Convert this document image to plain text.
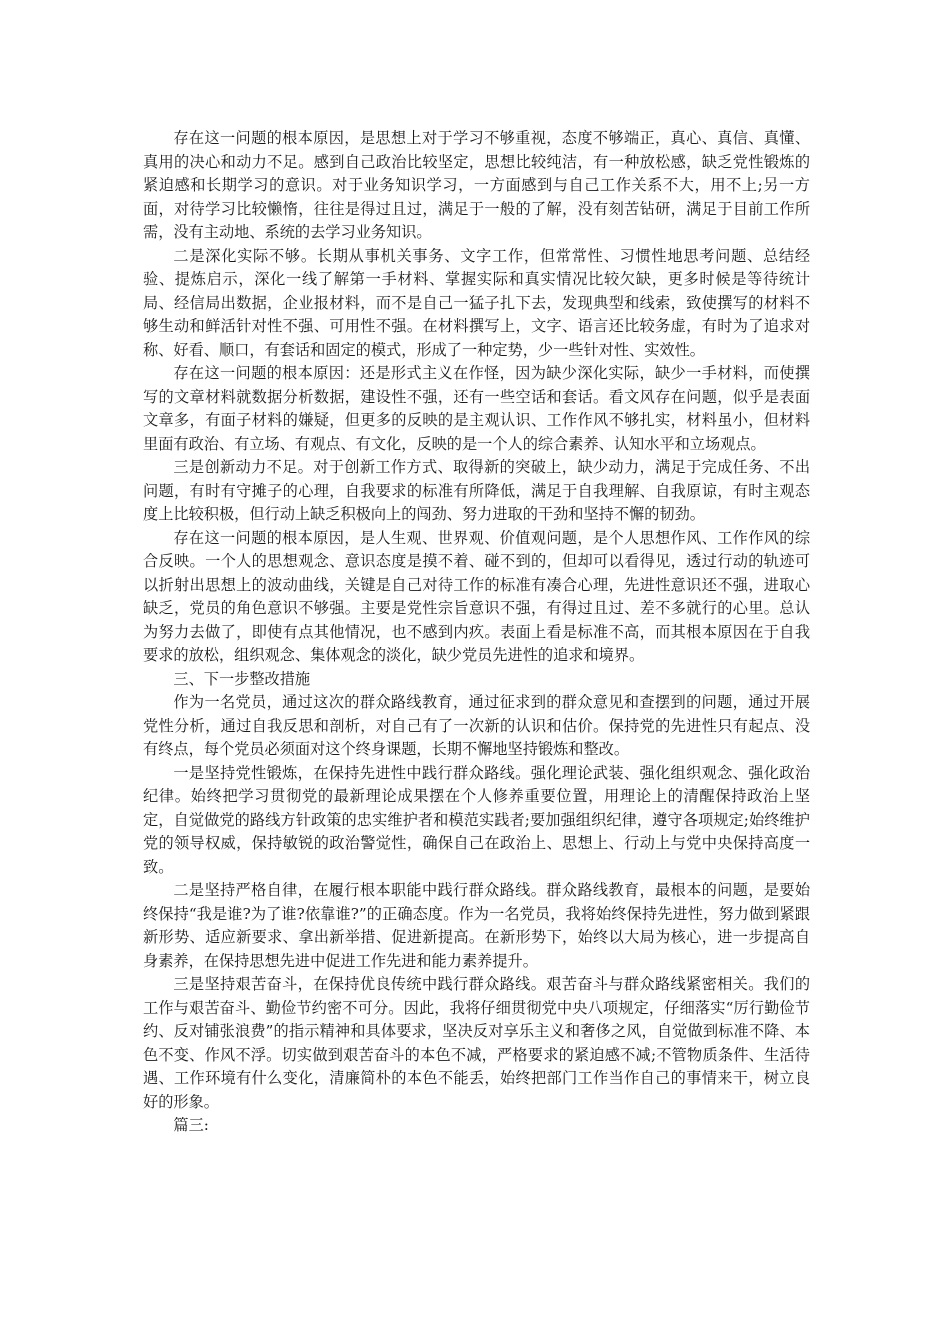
存在这一问题的根本原因，是思想上对于学习不够重视，态度不够端正，真心、真信、真懂、真用的决心和动力不足。感到自己政治比较坚定，思想比较纯洁，有一种放松感，缺乏党性锻炼的紧迫感和长期学习的意识。对于业务知识学习，一方面感到与自己工作关系不大，用不上;另一方面，对待学习比较懒惰，往往是得过且过，满足于一般的了解，没有刻苦钻研，满足于目前工作所需，没有主动地、系统的去学习业务知识。

二是深化实际不够。长期从事机关事务、文字工作，但常常性、习惯性地思考问题、总结经验、提炼启示，深化一线了解第一手材料、掌握实际和真实情况比较欠缺，更多时候是等待统计局、经信局出数据，企业报材料，而不是自己一猛子扎下去，发现典型和线索，致使撰写的材料不够生动和鲜活针对性不强、可用性不强。在材料撰写上，文字、语言还比较务虚，有时为了追求对称、好看、顺口，有套话和固定的模式，形成了一种定势，少一些针对性、实效性。

存在这一问题的根本原因：还是形式主义在作怪，因为缺少深化实际，缺少一手材料，而使撰写的文章材料就数据分析数据，建设性不强，还有一些空话和套话。看文风存在问题，似乎是表面文章多，有面子材料的嫌疑，但更多的反映的是主观认识、工作作风不够扎实，材料虽小，但材料里面有政治、有立场、有观点、有文化，反映的是一个人的综合素养、认知水平和立场观点。

三是创新动力不足。对于创新工作方式、取得新的突破上，缺少动力，满足于完成任务、不出问题，有时有守摊子的心理，自我要求的标准有所降低，满足于自我理解、自我原谅，有时主观态度上比较积极，但行动上缺乏积极向上的闯劲、努力进取的干劲和坚持不懈的韧劲。

存在这一问题的根本原因，是人生观、世界观、价值观问题，是个人思想作风、工作作风的综合反映。一个人的思想观念、意识态度是摸不着、碰不到的，但却可以看得见，透过行动的轨迹可以折射出思想上的波动曲线，关键是自己对待工作的标准有凑合心理，先进性意识还不强，进取心缺乏，党员的角色意识不够强。主要是党性宗旨意识不强，有得过且过、差不多就行的心里。总认为努力去做了，即使有点其他情况，也不感到内疚。表面上看是标准不高，而其根本原因在于自我要求的放松，组织观念、集体观念的淡化，缺少党员先进性的追求和境界。

三、下一步整改措施

作为一名党员，通过这次的群众路线教育，通过征求到的群众意见和查摆到的问题，通过开展党性分析，通过自我反思和剖析，对自己有了一次新的认识和估价。保持党的先进性只有起点、没有终点，每个党员必须面对这个终身课题，长期不懈地坚持锻炼和整改。

一是坚持党性锻炼，在保持先进性中践行群众路线。强化理论武装、强化组织观念、强化政治纪律。始终把学习贯彻党的最新理论成果摆在个人修养重要位置，用理论上的清醒保持政治上坚定，自觉做党的路线方针政策的忠实维护者和模范实践者;要加强组织纪律，遵守各项规定;始终维护党的领导权威，保持敏锐的政治警觉性，确保自己在政治上、思想上、行动上与党中央保持高度一致。

二是坚持严格自律，在履行根本职能中践行群众路线。群众路线教育，最根本的问题，是要始终保持“我是谁?为了谁?依靠谁?”的正确态度。作为一名党员，我将始终保持先进性，努力做到紧跟新形势、适应新要求、拿出新举措、促进新提高。在新形势下，始终以大局为核心，进一步提高自身素养，在保持思想先进中促进工作先进和能力素养提升。

三是坚持艰苦奋斗，在保持优良传统中践行群众路线。艰苦奋斗与群众路线紧密相关。我们的工作与艰苦奋斗、勤俭节约密不可分。因此，我将仔细贯彻党中央八项规定，仔细落实“厉行勤俭节约、反对铺张浪费”的指示精神和具体要求，坚决反对享乐主义和奢侈之风，自觉做到标准不降、本色不变、作风不浮。切实做到艰苦奋斗的本色不减，严格要求的紧迫感不减;不管物质条件、生活待遇、工作环境有什么变化，清廉简朴的本色不能丢，始终把部门工作当作自己的事情来干，树立良好的形象。

篇三:
